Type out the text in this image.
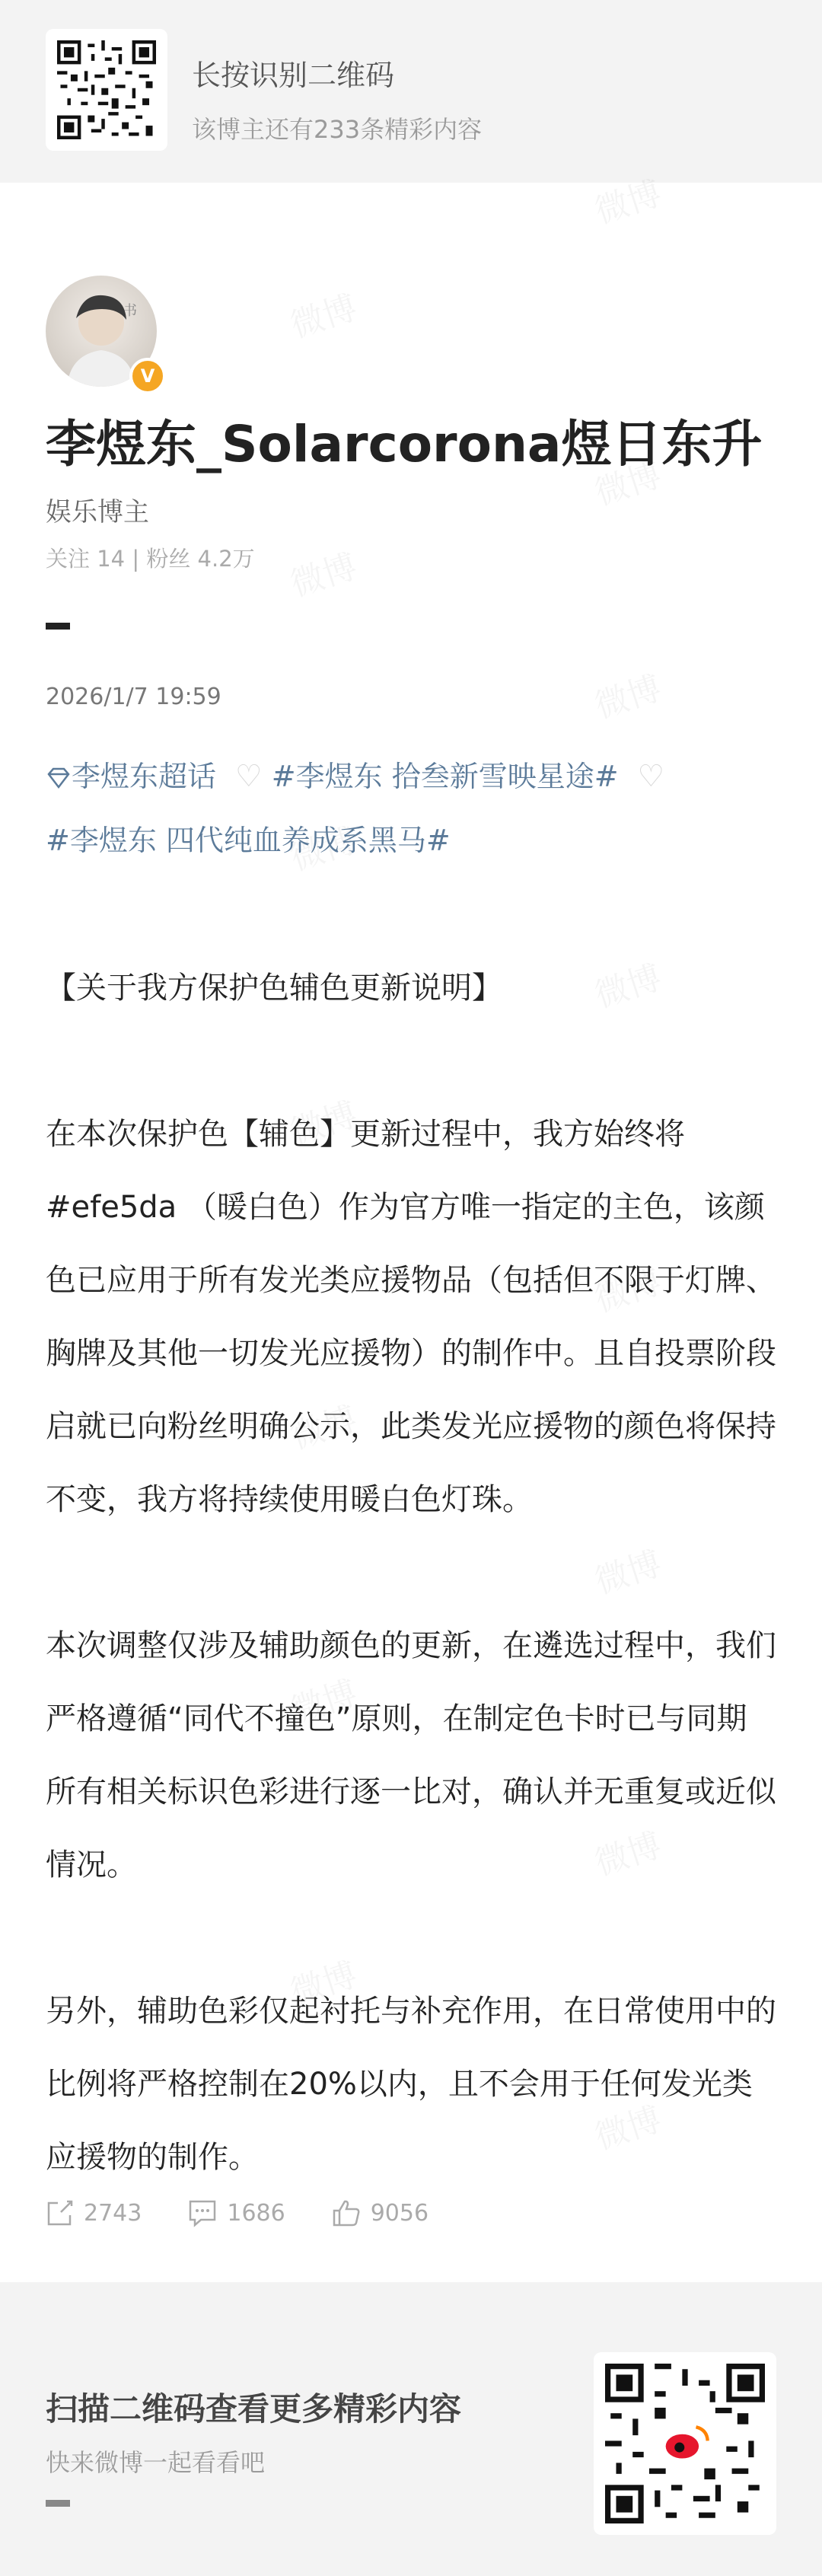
长按识别二维码
该博主还有233条精彩内容
书
V
李煜东_Solarcorona煜日东升
娱乐博主
关注 14 | 粉丝 4.2万
2026/1/7 19:59
李煜东超话  ♡ #李煜东 拾叁新雪映星途#  ♡
#李煜东 四代纯血养成系黑马#

【关于我方保护色辅色更新说明】

在本次保护色【辅色】更新过程中，我方始终将#efe5da （暖白色）作为官方唯一指定的主色，该颜色已应用于所有发光类应援物品（包括但不限于灯牌、胸牌及其他一切发光应援物）的制作中。且自投票阶段启就已向粉丝明确公示，此类发光应援物的颜色将保持不变，我方将持续使用暖白色灯珠。

本次调整仅涉及辅助颜色的更新，在遴选过程中，我们严格遵循“同代不撞色”原则，在制定色卡时已与同期所有相关标识色彩进行逐一比对，确认并无重复或近似情况。

另外，辅助色彩仅起衬托与补充作用，在日常使用中的比例将严格控制在20%以内，且不会用于任何发光类应援物的制作。

2743	1686	9056
扫描二维码查看更多精彩内容
快来微博一起看看吧
